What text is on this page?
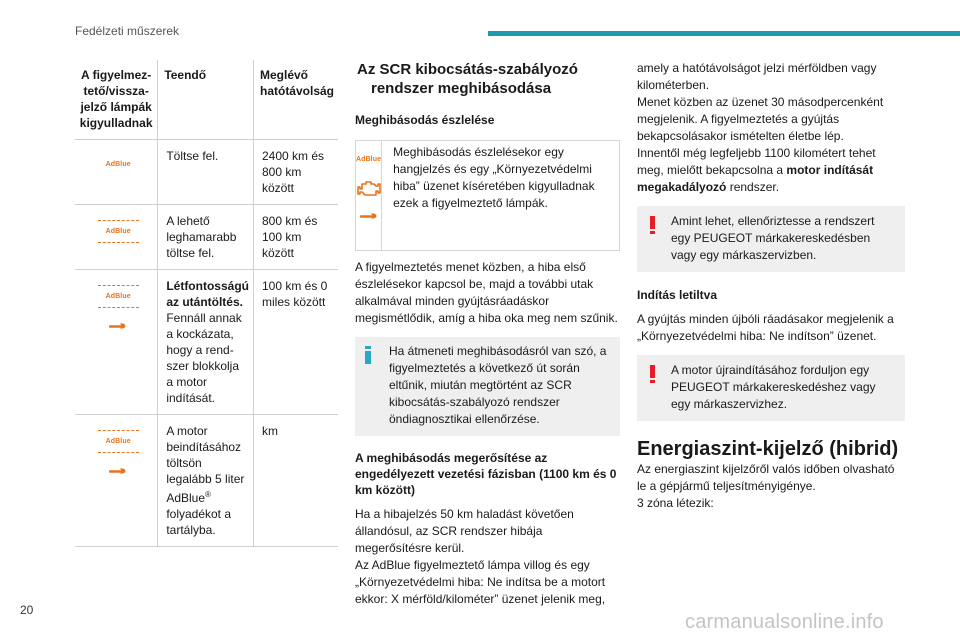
Fedélzeti műszerek
A figyelmez-
tető/vissza-
jelző lámpák
kigyulladnak	Teendő	Meglévő hatótávolság
AdBlue	Töltse fel.	2400 km és 800 km között
AdBlue	A lehető leghamarabb töltse fel.	800 km és 100 km között
AdBlue	Létfontosságú az utántöltés. Fennáll annak a kockázata, hogy a rend-szer blokkolja a motor indítását.	100 km és 0 miles között
AdBlue	A motor beindításához töltsön legalább 5 liter AdBlue® folyadékot a tartályba.	km
Az SCR kibocsátás-szabályozó
rendszer meghibásodása
Meghibásodás észlelése
AdBlue
Meghibásodás észlelésekor egy hangjelzés és egy „Környezetvédelmi hiba” üzenet kíséretében kigyulladnak ezek a figyelmeztető lámpák.

A figyelmeztetés menet közben, a hiba első észlelésekor kapcsol be, majd a további utak alkalmával minden gyújtásráadáskor megismétlődik, amíg a hiba oka meg nem szűnik.

Ha átmeneti meghibásodásról van szó, a figyelmeztetés a következő út során eltűnik, miután megtörtént az SCR kibocsátás-szabályozó rendszer öndiagnosztikai ellenőrzése.
A meghibásodás megerősítése az engedélyezett vezetési fázisban (1100 km és 0 km között)

Ha a hibajelzés 50 km haladást követően állandósul, az SCR rendszer hibája megerősítésre kerül.

Az AdBlue figyelmeztető lámpa villog és egy „Környezetvédelmi hiba: Ne indítsa be a motort ekkor: X mérföld/kilométer” üzenet jelenik meg,

amely a hatótávolságot jelzi mérföldben vagy kilométerben.

Menet közben az üzenet 30 másodpercenként megjelenik. A figyelmeztetés a gyújtás bekapcsolásakor ismételten életbe lép.

Innentől még legfeljebb 1100 kilométert tehet meg, mielőtt bekapcsolna a motor indítását megakadályozó rendszer.

Amint lehet, ellenőriztesse a rendszert egy PEUGEOT márkakereskedésben vagy egy márkaszervizben.
Indítás letiltva

A gyújtás minden újbóli ráadásakor megjelenik a „Környezetvédelmi hiba: Ne indítson” üzenet.

A motor újraindításához forduljon egy PEUGEOT márkakereskedéshez vagy egy márkaszervizhez.
Energiaszint-kijelző (hibrid)

Az energiaszint kijelzőről valós időben olvasható le a gépjármű teljesítményigénye.

3 zóna létezik:

20
carmanualsonline.info
